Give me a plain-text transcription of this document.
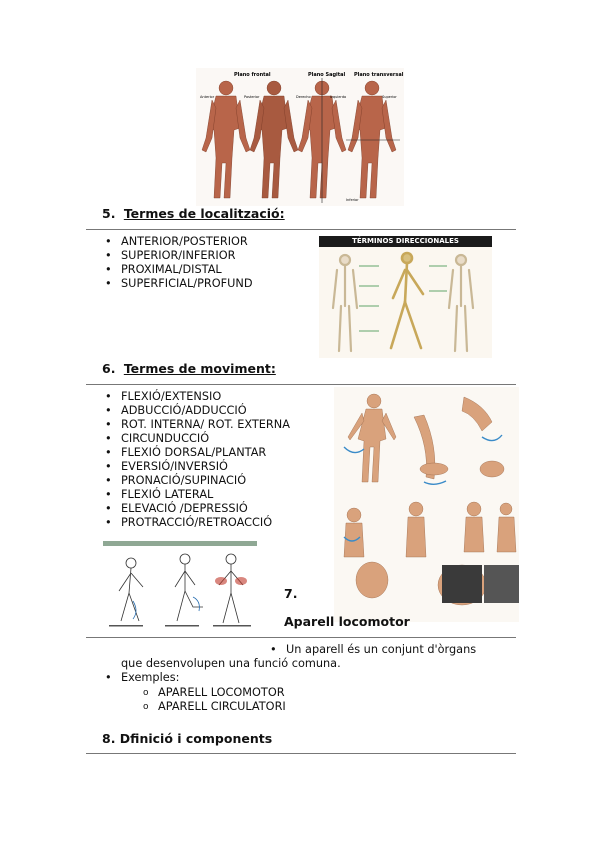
Plano frontal	Plano Sagital Plano transversal
Anterior	Posterior	Derecho	Izquierdo	Superior
Inferior
5. Termes de localització:
• ANTERIOR/POSTERIOR
• SUPERIOR/INFERIOR
• PROXIMAL/DISTAL
• SUPERFICIAL/PROFUND
TÉRMINOS DIRECCIONALES
6. Termes de moviment:
• FLEXIÓ/EXTENSIO
• ADBUCCIÓ/ADDUCCIÓ
• ROT. INTERNA/ ROT. EXTERNA
• CIRCUNDUCCIÓ
• FLEXIÓ DORSAL/PLANTAR
• EVERSIÓ/INVERSIÓ
• PRONACIÓ/SUPINACIÓ
• FLEXIÓ LATERAL
• ELEVACIÓ /DEPRESSIÓ
• PROTRACCIÓ/RETROACCIÓ
7.
Aparell locomotor
• Un aparell és un conjunt d'òrgans
que desenvolupen una funció comuna.
• Exemples:
o APARELL LOCOMOTOR
o APARELL CIRCULATORI
8. Dfinició i components
